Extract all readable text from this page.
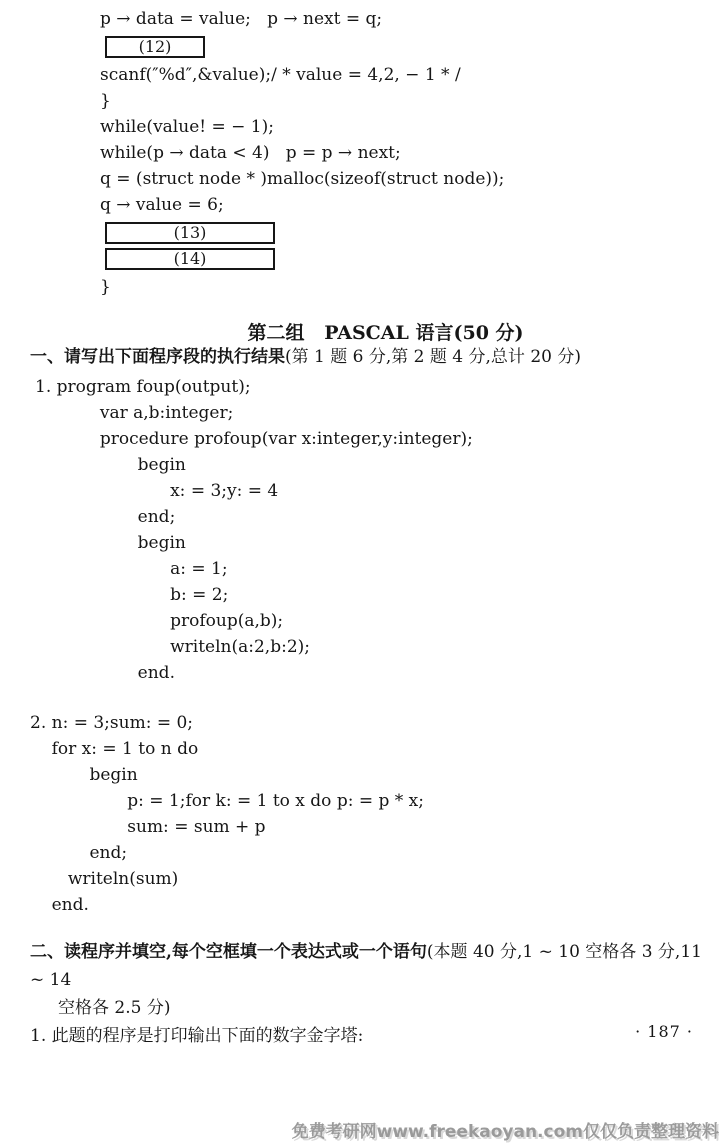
p → data = value;   p → next = q;
(12)
scanf(″%d″,&value);/ * value = 4,2, − 1 * /
}
while(value! = − 1);
while(p → data < 4)   p = p → next;
q = (struct node * )malloc(sizeof(struct node));
q → value = 6;
(13)
(14)
}
第二组   PASCAL 语言(50 分)
一、请写出下面程序段的执行结果(第 1 题 6 分,第 2 题 4 分,总计 20 分)
1. program foup(output);
var a,b:integer;
procedure profoup(var x:integer,y:integer);
begin
x: = 3;y: = 4
end;
begin
a: = 1;
b: = 2;
profoup(a,b);
writeln(a:2,b:2);
end.
2. n: = 3;sum: = 0;
for x: = 1 to n do
begin
p: = 1;for k: = 1 to x do p: = p * x;
sum: = sum + p
end;
writeln(sum)
end.
二、读程序并填空,每个空框填一个表达式或一个语句(本题 40 分,1 ~ 10 空格各 3 分,11 ~ 14
空格各 2.5 分)
1. 此题的程序是打印输出下面的数字金字塔:	· 187 ·
免费考研网www.freekaoyan.com仅仅负责整理资料
